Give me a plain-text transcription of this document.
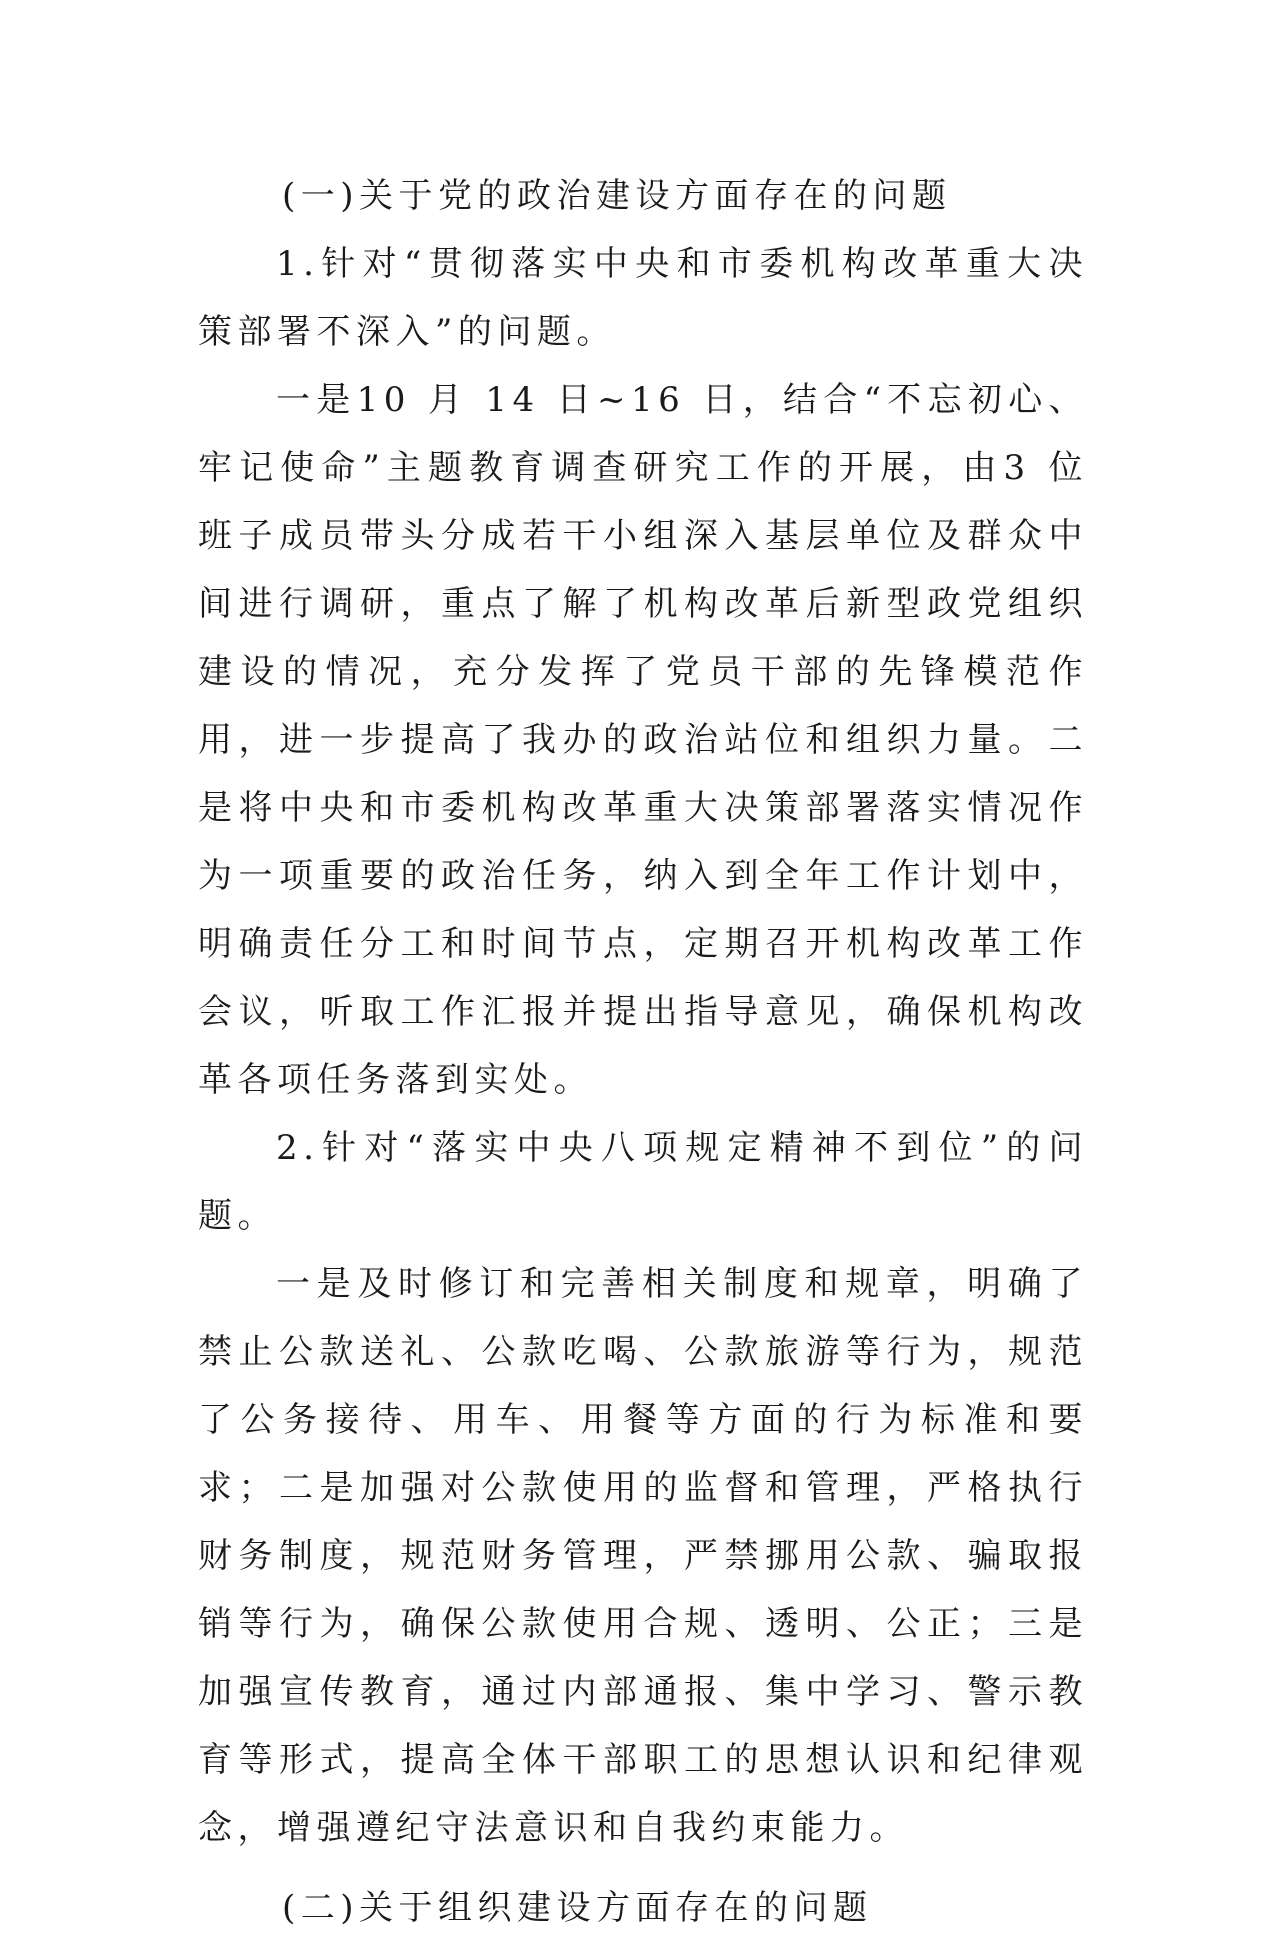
(一)关于党的政治建设方面存在的问题

1.针对“贯彻落实中央和市委机构改革重大决策部署不深入”的问题。

一是10 月 14 日~16 日，结合“不忘初心、牢记使命”主题教育调查研究工作的开展，由3 位班子成员带头分成若干小组深入基层单位及群众中间进行调研，重点了解了机构改革后新型政党组织建设的情况，充分发挥了党员干部的先锋模范作用，进一步提高了我办的政治站位和组织力量。二是将中央和市委机构改革重大决策部署落实情况作为一项重要的政治任务，纳入到全年工作计划中，明确责任分工和时间节点，定期召开机构改革工作会议，听取工作汇报并提出指导意见，确保机构改革各项任务落到实处。

2.针对“落实中央八项规定精神不到位”的问题。

一是及时修订和完善相关制度和规章，明确了禁止公款送礼、公款吃喝、公款旅游等行为，规范了公务接待、用车、用餐等方面的行为标准和要求；二是加强对公款使用的监督和管理，严格执行财务制度，规范财务管理，严禁挪用公款、骗取报销等行为，确保公款使用合规、透明、公正；三是加强宣传教育，通过内部通报、集中学习、警示教育等形式，提高全体干部职工的思想认识和纪律观念，增强遵纪守法意识和自我约束能力。

(二)关于组织建设方面存在的问题
